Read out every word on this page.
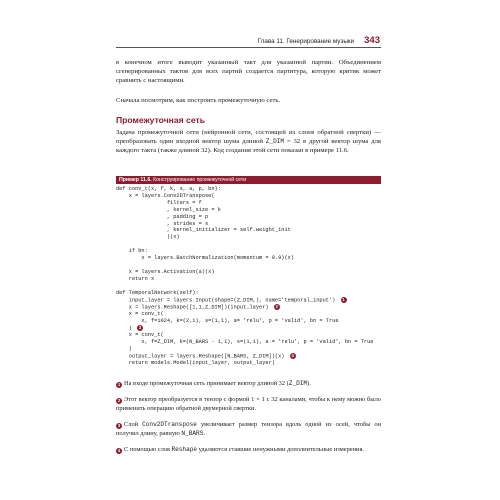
Глава 11. Генерирование музыки 343
в конечном итоге выводит указанный такт для указанной партии. Объединением сгенерированных тактов для всех партий создается партитура, которую критик может сравнить с настоящими.
Сначала посмотрим, как построить промежуточную сеть.
Промежуточная сеть
Задача промежуточной сети (нейронной сети, состоящей из слоев обратной свертки) — преобразовать один входной вектор шума длиной Z_DIM = 32 в другой вектор шума для каждого такта (также длиной 32). Код создания этой сети показан в примере 11.6.
Пример 11.6. Конструирование промежуточной сети
def conv_t(x, f, k, s, a, p, bn):
x = layers.Conv2DTranspose(
filters = f
, kernel_size = k
, padding = p
, strides = s
, kernel_initializer = self.weight_init
)(x)

if bn:
x = layers.BatchNormalization(momentum = 0.9)(x)

x = layers.Activation(a)(x)
return x

def TemporalNetwork(self):
input_layer = layers.Input(shape=(Z_DIM,), name='temporal_input') 1
x = layers.Reshape([1,1,Z_DIM])(input_layer) 2
x = conv_t(
x, f=1024, k=(2,1), s=(1,1), a= 'relu', p = 'valid', bn = True
) 3
x = conv_t(
x, f=Z_DIM, k=(N_BARS - 1,1), s=(1,1), a = 'relu', p = 'valid', bn = True
)
output_layer = layers.Reshape([N_BARS, Z_DIM])(x) 4
return models.Model(input_layer, output_layer)
1 На входе промежуточная сеть принимает вектор длиной 32 (Z_DIM).
2 Этот вектор преобразуется в тензор с формой 1 × 1 с 32 каналами, чтобы к нему можно было применить операцию обратной двумерной свертки.
3 Слой Conv2DTranspose увеличивает размер тензора вдоль одной из осей, чтобы он получил длину, равную N_BARS.
4 С помощью слоя Reshape удаляются ставшие ненужными дополнительные измерения.
